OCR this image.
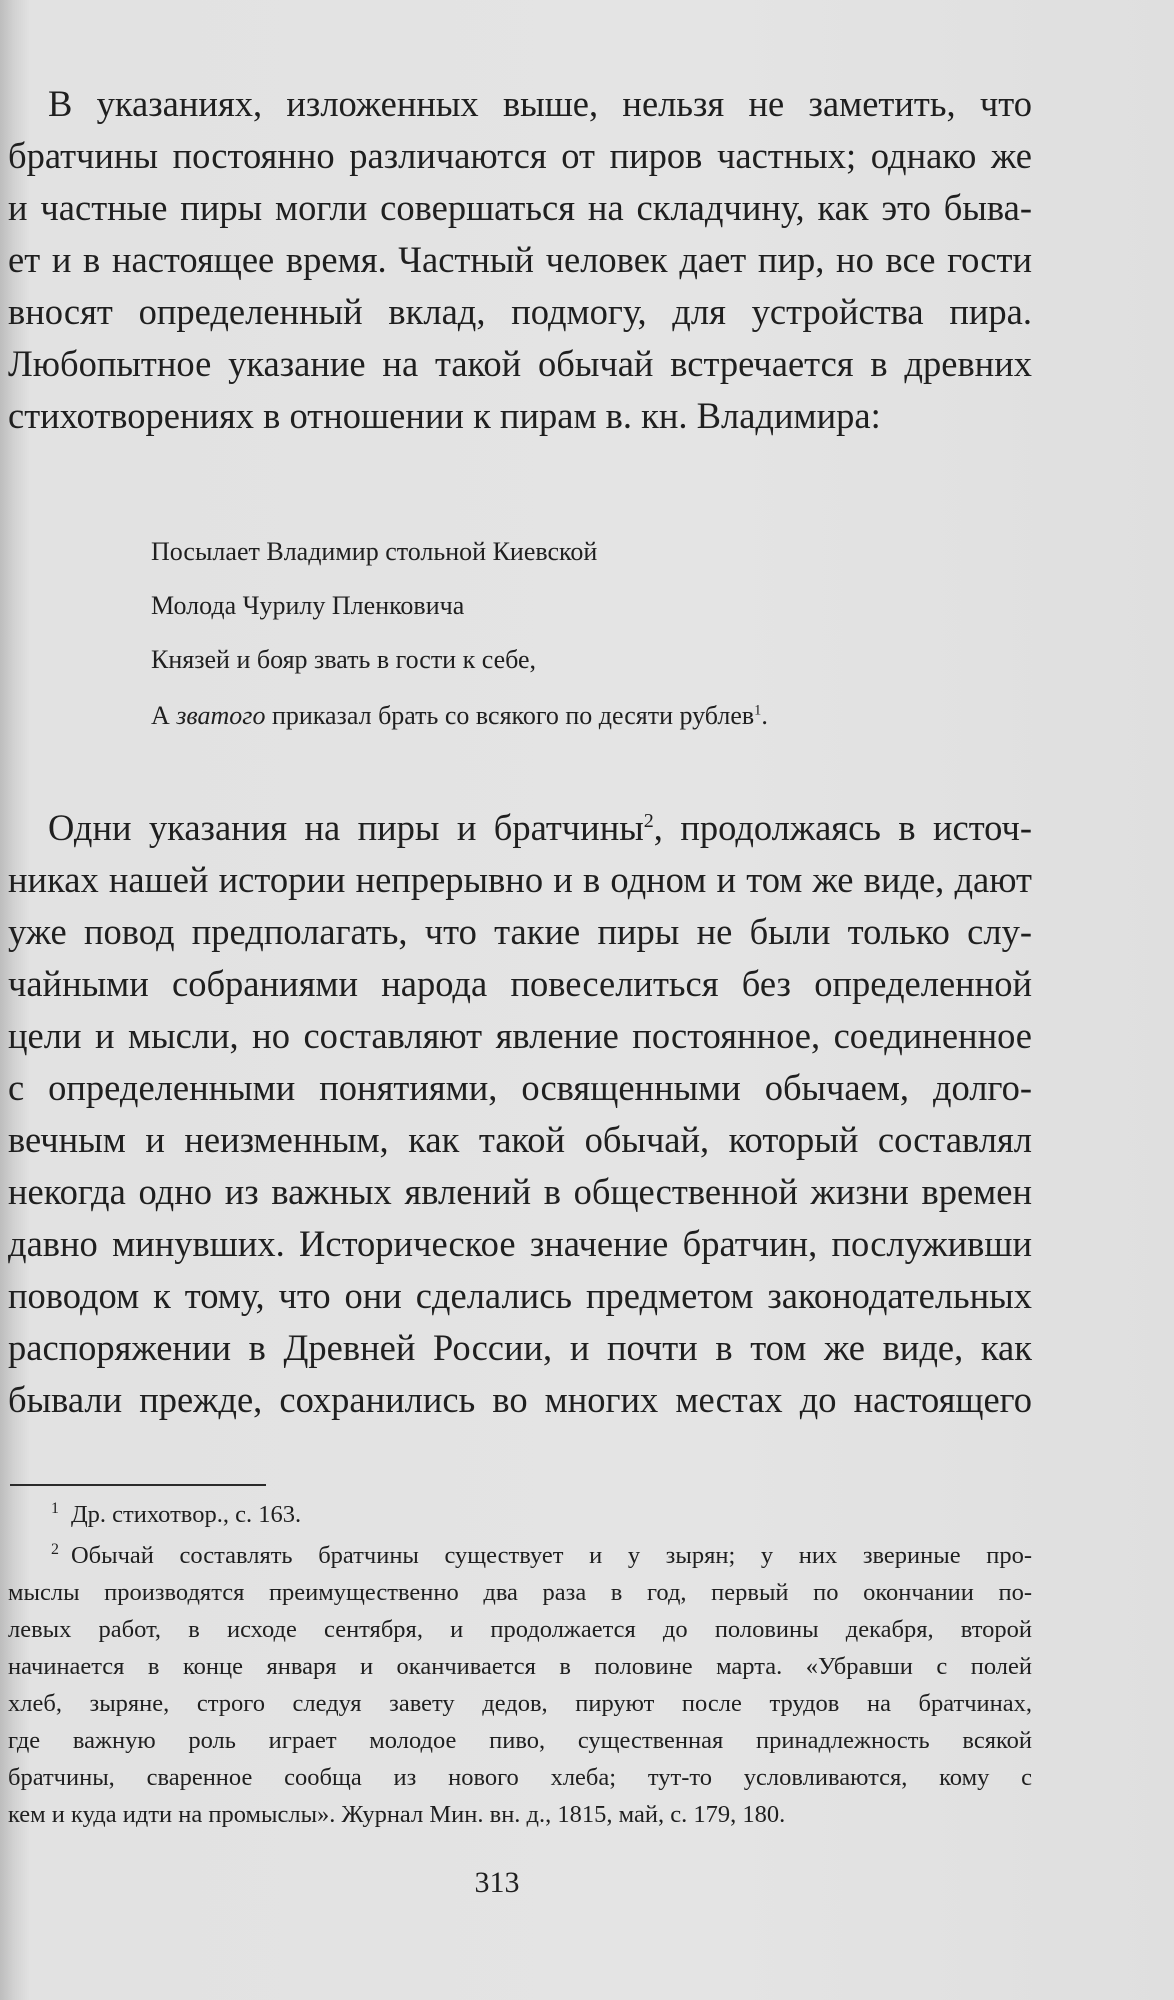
В указаниях, изложенных выше, нельзя не заметить, что
братчины постоянно различаются от пиров частных; однако же
и частные пиры могли совершаться на складчину, как это быва-
ет и в настоящее время. Частный человек дает пир, но все гости
вносят определенный вклад, подмогу, для устройства пира.
Любопытное указание на такой обычай встречается в древних
стихотворениях в отношении к пирам в. кн. Владимира:
Посылает Владимир стольной Киевской
Молода Чурилу Пленковича
Князей и бояр звать в гости к себе,
А зватого приказал брать со всякого по десяти рублев$^1$.
Одни указания на пиры и братчины$^2$, продолжаясь в источ-
никах нашей истории непрерывно и в одном и том же виде, дают
уже повод предполагать, что такие пиры не были только слу-
чайными собраниями народа повеселиться без определенной
цели и мысли, но составляют явление постоянное, соединенное
с определенными понятиями, освященными обычаем, долго-
вечным и неизменным, как такой обычай, который составлял
некогда одно из важных явлений в общественной жизни времен
давно минувших. Историческое значение братчин, послуживши
поводом к тому, что они сделались предметом законодательных
распоряжении в Древней России, и почти в том же виде, как
бывали прежде, сохранились во многих местах до настоящего
$^1$ Др. стихотвор., с. 163.
$^2$ Обычай составлять братчины существует и у зырян; у них звериные про-
мыслы производятся преимущественно два раза в год, первый по окончании по-
левых работ, в исходе сентября, и продолжается до половины декабря, второй
начинается в конце января и оканчивается в половине марта. «Убравши с полей
хлеб, зыряне, строго следуя завету дедов, пируют после трудов на братчинах,
где важную роль играет молодое пиво, существенная принадлежность всякой
братчины, сваренное сообща из нового хлеба; тут-то условливаются, кому с
кем и куда идти на промыслы». Журнал Мин. вн. д., 1815, май, с. 179, 180.
313
